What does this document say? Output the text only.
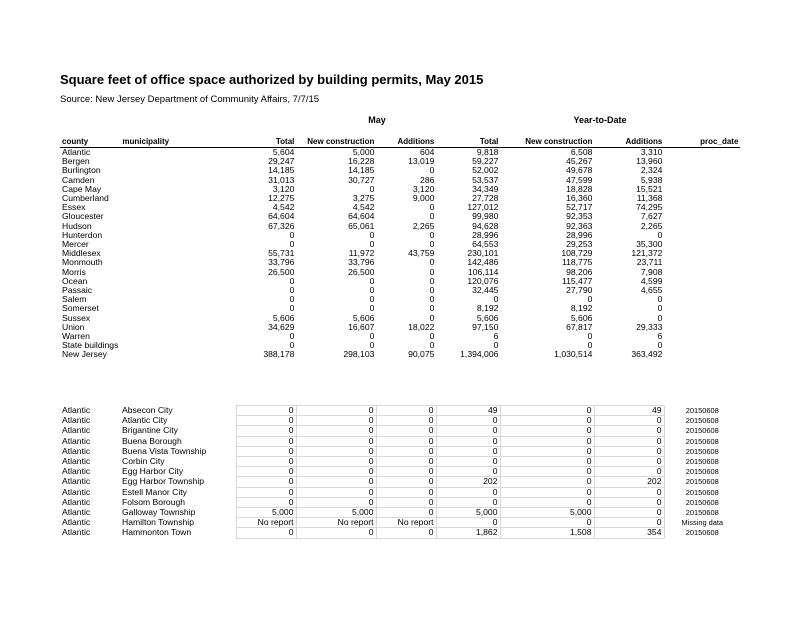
Square feet of office space authorized by building permits, May 2015
Source: New Jersey Department of Community Affairs, 7/7/15
May	Year-to-Date
county	municipality	Total	New construction	Additions	Total	New construction	Additions	proc_date
Atlantic		5,604	5,000	604	9,818	6,508	3,310	
Bergen		29,247	16,228	13,019	59,227	45,267	13,960	
Burlington		14,185	14,185	0	52,002	49,678	2,324	
Camden		31,013	30,727	286	53,537	47,599	5,938	
Cape May		3,120	0	3,120	34,349	18,828	15,521	
Cumberland		12,275	3,275	9,000	27,728	16,360	11,368	
Essex		4,542	4,542	0	127,012	52,717	74,295	
Gloucester		64,604	64,604	0	99,980	92,353	7,627	
Hudson		67,326	65,061	2,265	94,628	92,363	2,265	
Hunterdon		0	0	0	28,996	28,996	0	
Mercer		0	0	0	64,553	29,253	35,300	
Middlesex		55,731	11,972	43,759	230,101	108,729	121,372	
Monmouth		33,796	33,796	0	142,486	118,775	23,711	
Morris		26,500	26,500	0	106,114	98,206	7,908	
Ocean		0	0	0	120,076	115,477	4,599	
Passaic		0	0	0	32,445	27,790	4,655	
Salem		0	0	0	0	0	0	
Somerset		0	0	0	8,192	8,192	0	
Sussex		5,606	5,606	0	5,606	5,606	0	
Union		34,629	16,607	18,022	97,150	67,817	29,333	
Warren		0	0	0	6	0	6	
State buildings		0	0	0	0	0	0	
New Jersey		388,178	298,103	90,075	1,394,006	1,030,514	363,492	
Atlantic	Absecon City	0	0	0	49	0	49	20150608
Atlantic	Atlantic City	0	0	0	0	0	0	20150608
Atlantic	Brigantine City	0	0	0	0	0	0	20150608
Atlantic	Buena Borough	0	0	0	0	0	0	20150608
Atlantic	Buena Vista Township	0	0	0	0	0	0	20150608
Atlantic	Corbin City	0	0	0	0	0	0	20150608
Atlantic	Egg Harbor City	0	0	0	0	0	0	20150608
Atlantic	Egg Harbor Township	0	0	0	202	0	202	20150608
Atlantic	Estell Manor City	0	0	0	0	0	0	20150608
Atlantic	Folsom Borough	0	0	0	0	0	0	20150608
Atlantic	Galloway Township	5,000	5,000	0	5,000	5,000	0	20150608
Atlantic	Hamilton Township	No report	No report	No report	0	0	0	Missing data
Atlantic	Hammonton Town	0	0	0	1,862	1,508	354	20150608
